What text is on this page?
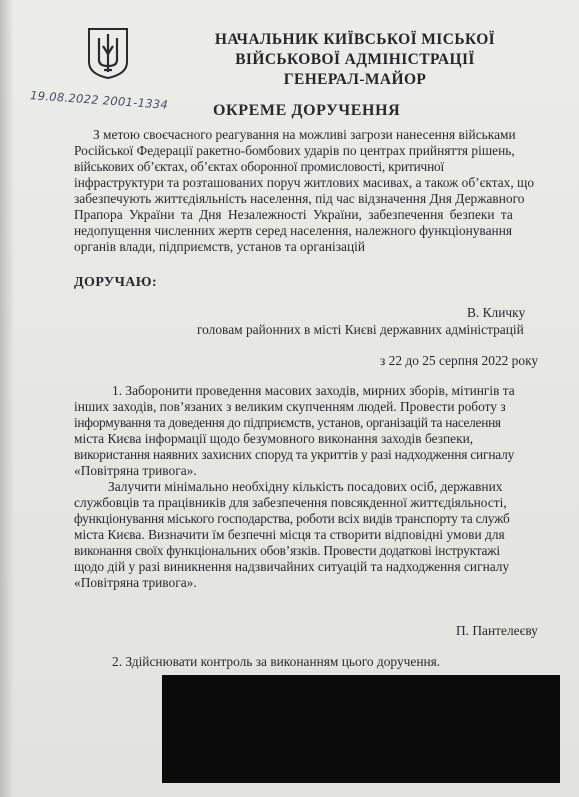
НАЧАЛЬНИК КИЇВСЬКОЇ МІСЬКОЇ
ВІЙСЬКОВОЇ АДМІНІСТРАЦІЇ
ГЕНЕРАЛ-МАЙОР
19.08.2022 2001-1334	ОКРЕМЕ ДОРУЧЕННЯ
З метою своєчасного реагування на можливі загрози нанесення військами
Російської Федерації ракетно-бомбових ударів по центрах прийняття рішень,
військових об’єктах, об’єктах оборонної промисловості, критичної
інфраструктури та розташованих поруч житлових масивах, а також об’єктах, що
забезпечують життєдіяльність населення, під час відзначення Дня Державного
Прапора України та Дня Незалежності України, забезпечення безпеки та
недопущення численних жертв серед населення, належного функціонування
органів влади, підприємств, установ та організацій
ДОРУЧАЮ:
В. Кличку
головам районних в місті Києві державних адміністрацій
з 22 до 25 серпня 2022 року
1. Заборонити проведення масових заходів, мирних зборів, мітингів та
інших заходів, пов’язаних з великим скупченням людей. Провести роботу з
інформування та доведення до підприємств, установ, організацій та населення
міста Києва інформації щодо безумовного виконання заходів безпеки,
використання наявних захисних споруд та укриттів у разі надходження сигналу
«Повітряна тривога».
Залучити мінімально необхідну кількість посадових осіб, державних
службовців та працівників для забезпечення повсякденної життєдіяльності,
функціонування міського господарства, роботи всіх видів транспорту та служб
міста Києва. Визначити їм безпечні місця та створити відповідні умови для
виконання своїх функціональних обов’язків. Провести додаткові інструктажі
щодо дій у разі виникнення надзвичайних ситуацій та надходження сигналу
«Повітряна тривога».
П. Пантелеєву
2. Здійснювати контроль за виконанням цього доручення.
